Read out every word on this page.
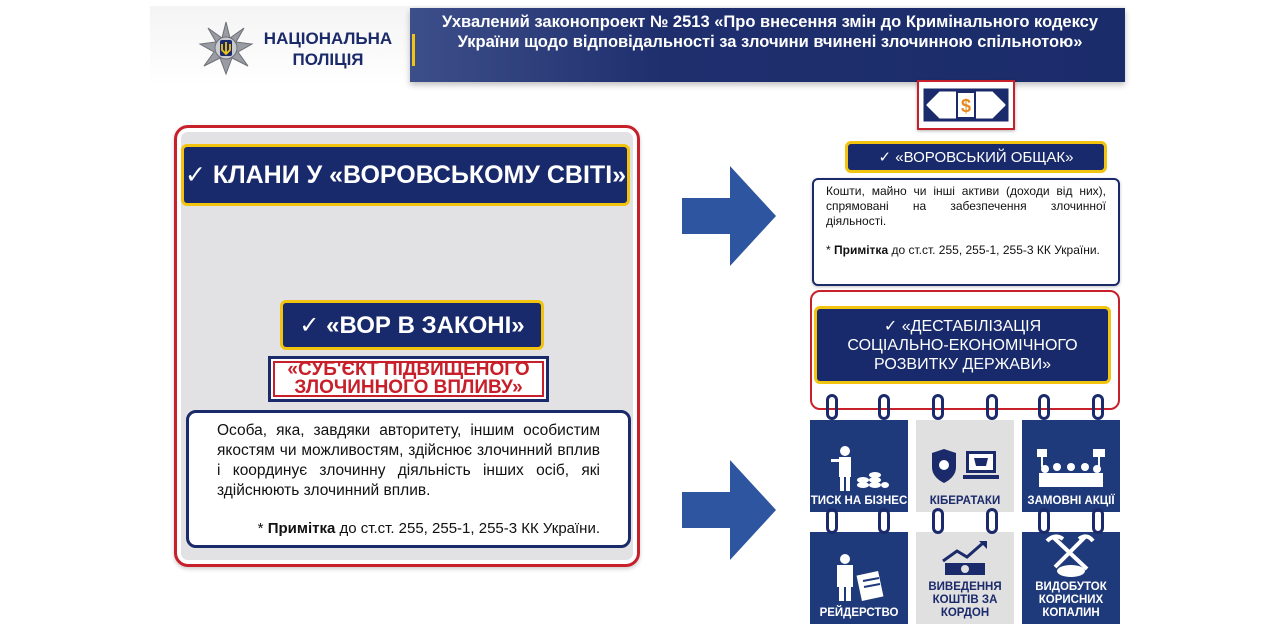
Ухвалений законопроект № 2513 «Про внесення змін до Кримінального кодексу України щодо відповідальності за злочини вчинені злочинною спільнотою»
НАЦІОНАЛЬНА
ПОЛІЦІЯ
✓ КЛАНИ У «ВОРОВСЬКОМУ СВІТІ»
✓ «ВОР В ЗАКОНІ»
«СУБ'ЄКТ ПІДВИЩЕНОГО
ЗЛОЧИННОГО ВПЛИВУ»

Особа, яка, завдяки авторитету, іншим особистим якостям чи можливостям, здійснює злочинний вплив і координує злочинну діяльність інших осіб, які здійснюють злочинний вплив.

* Примітка до ст.ст. 255, 255-1, 255-3 КК України.

$
✓ «ВОРОВСЬКИЙ ОБЩАК»

Кошти, майно чи інші активи (доходи від них), спрямовані на забезпечення злочинної діяльності.

* Примітка до ст.ст. 255, 255-1, 255-3 КК України.

✓ «ДЕСТАБІЛІЗАЦІЯ
СОЦІАЛЬНО-ЕКОНОМІЧНОГО
РОЗВИТКУ ДЕРЖАВИ»
ТИСК НА БІЗНЕС КІБЕРАТАКИ ЗАМОВНІ АКЦІЇ
РЕЙДЕРСТВО
ВИВЕДЕННЯ КОШТІВ ЗА КОРДОН
ВИДОБУТОК КОРИСНИХ КОПАЛИН
